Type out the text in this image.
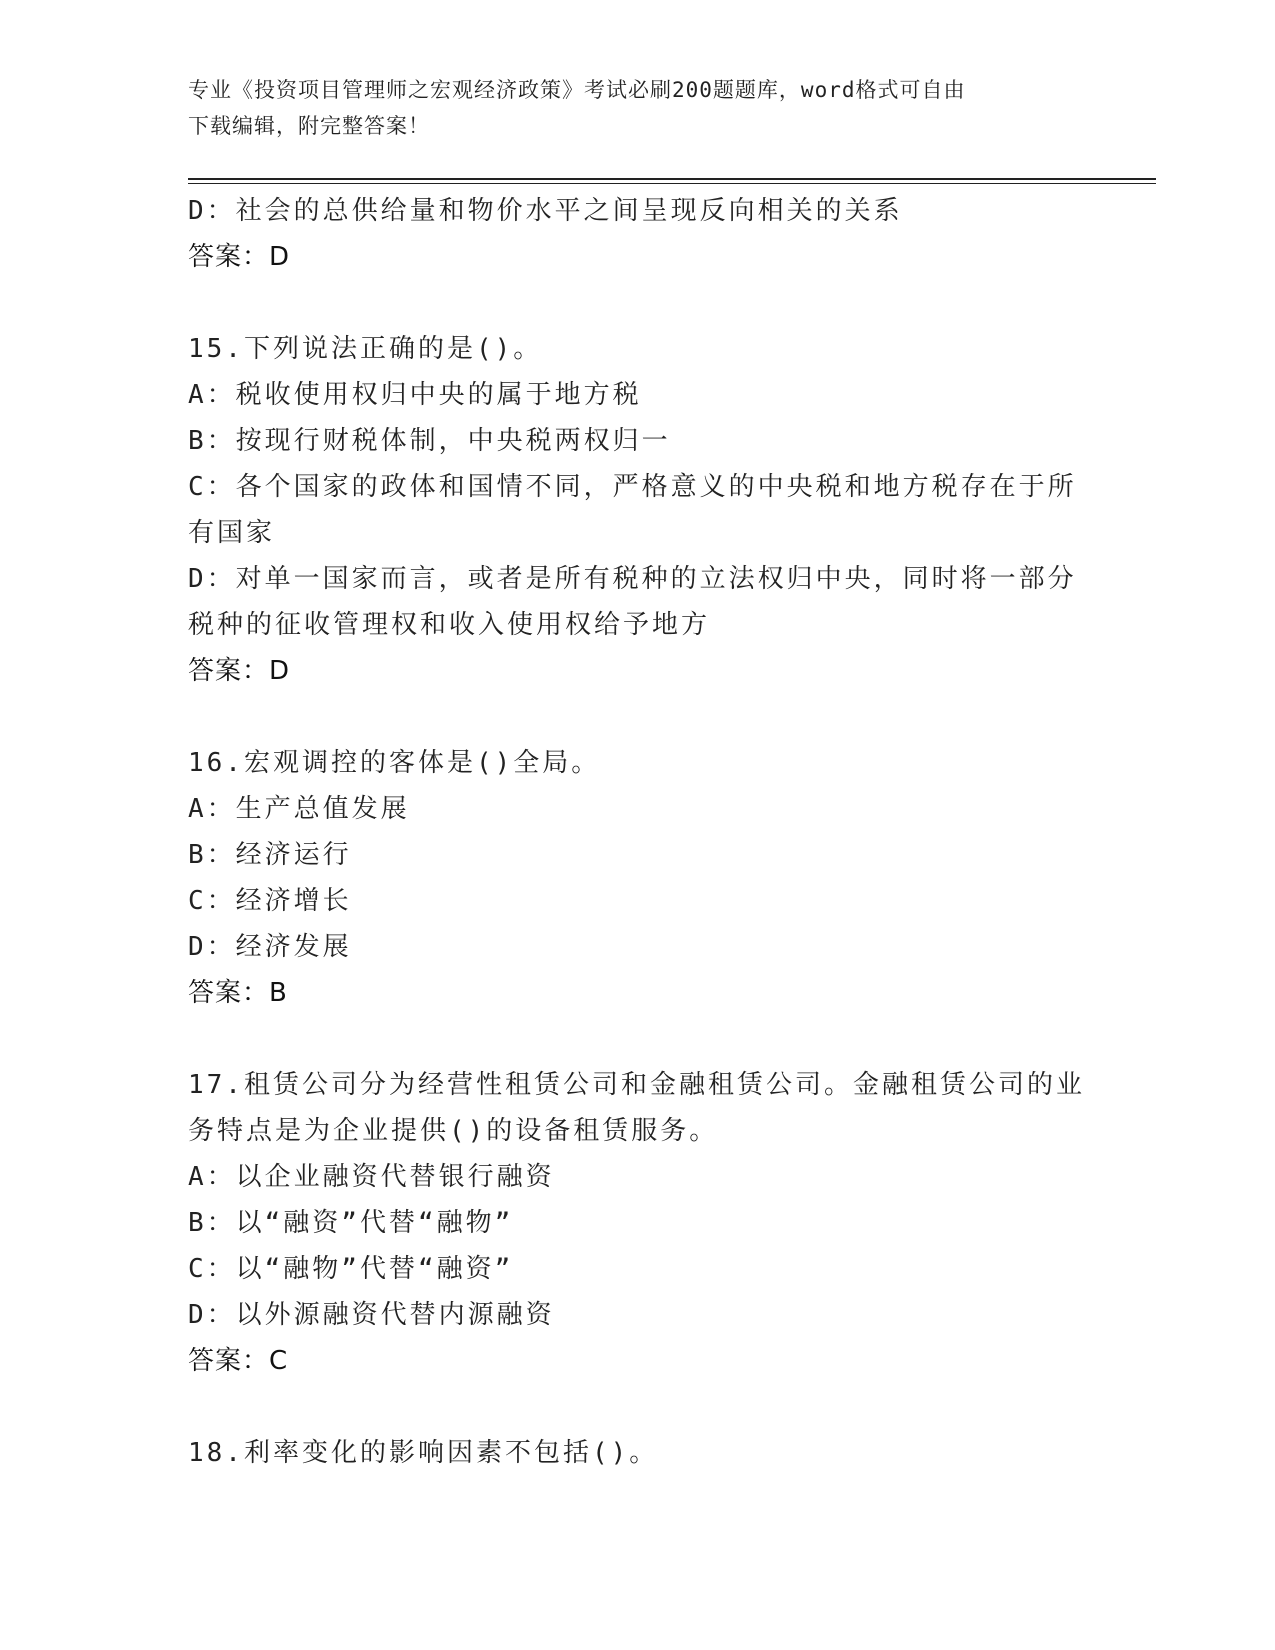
专业《投资项目管理师之宏观经济政策》考试必刷200题题库，word格式可自由
下载编辑，附完整答案！
D：社会的总供给量和物价水平之间呈现反向相关的关系
答案：D
15.下列说法正确的是()。
A：税收使用权归中央的属于地方税
B：按现行财税体制，中央税两权归一
C：各个国家的政体和国情不同，严格意义的中央税和地方税存在于所
有国家
D：对单一国家而言，或者是所有税种的立法权归中央，同时将一部分
税种的征收管理权和收入使用权给予地方
答案：D
16.宏观调控的客体是()全局。
A：生产总值发展
B：经济运行
C：经济增长
D：经济发展
答案：B
17.租赁公司分为经营性租赁公司和金融租赁公司。金融租赁公司的业
务特点是为企业提供()的设备租赁服务。
A：以企业融资代替银行融资
B：以“融资”代替“融物”
C：以“融物”代替“融资”
D：以外源融资代替内源融资
答案：C
18.利率变化的影响因素不包括()。
